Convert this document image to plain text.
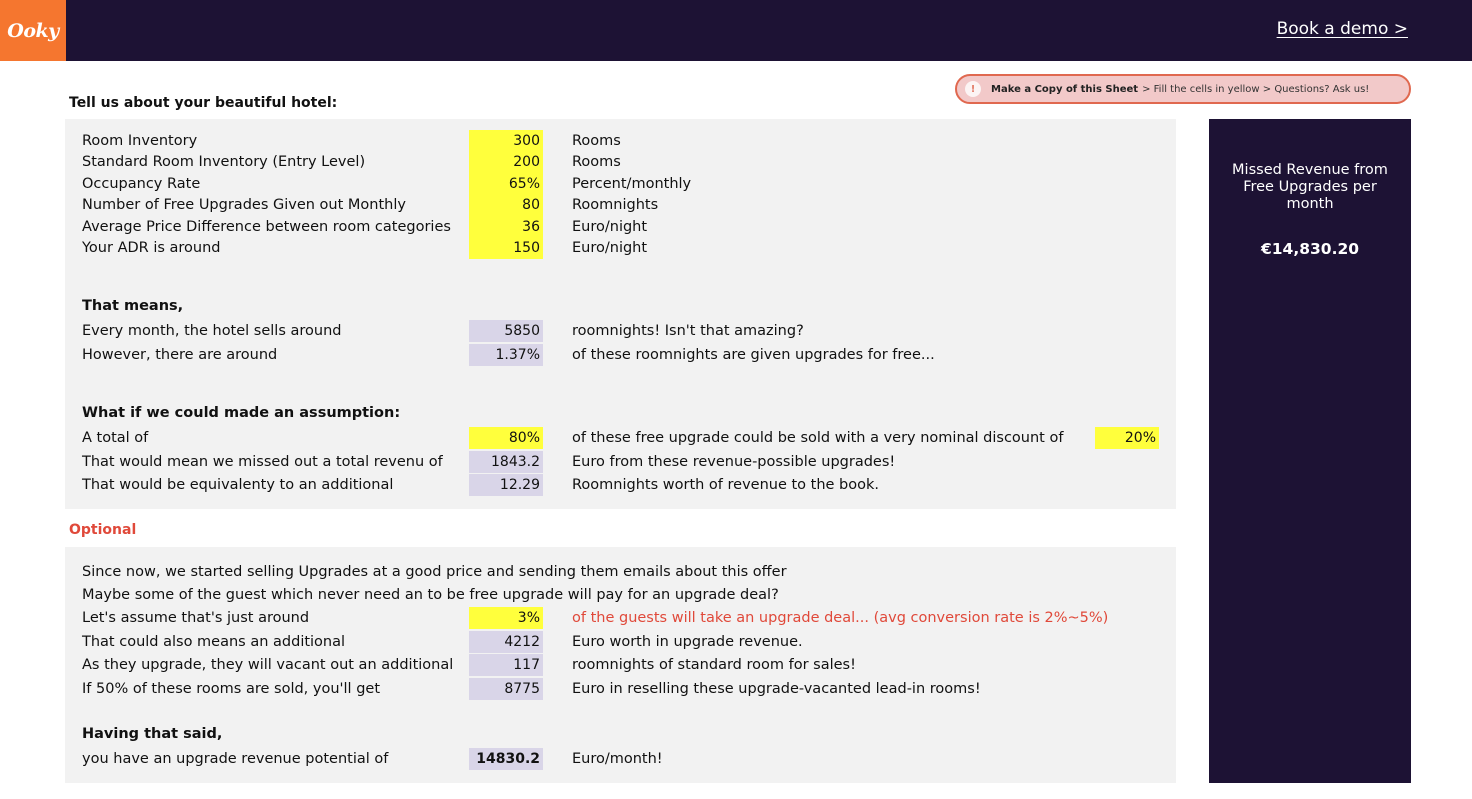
Ooky	Book a demo >
!	Make a Copy of this Sheet > Fill the cells in yellow > Questions? Ask us!
Tell us about your beautiful hotel:
Room Inventory	300 Rooms
Standard Room Inventory (Entry Level)	200 Rooms
Occupancy Rate	65% Percent/monthly
Number of Free Upgrades Given out Monthly	80 Roomnights
Average Price Difference between room categories	36 Euro/night
Your ADR is around	150 Euro/night
That means,
Every month, the hotel sells around	5850 roomnights! Isn't that amazing?
However, there are around	1.37% of these roomnights are given upgrades for free...
What if we could made an assumption:
A total of	80% of these free upgrade could be sold with a very nominal discount of	20%
That would mean we missed out a total revenu of	1843.2 Euro from these revenue-possible upgrades!
That would be equivalenty to an additional	12.29 Roomnights worth of revenue to the book.
Optional
Since now, we started selling Upgrades at a good price and sending them emails about this offer
Maybe some of the guest which never need an to be free upgrade will pay for an upgrade deal?
Let's assume that's just around	3% of the guests will take an upgrade deal... (avg conversion rate is 2%~5%)
That could also means an additional	4212 Euro worth in upgrade revenue.
As they upgrade, they will vacant out an additional	117 roomnights of standard room for sales!
If 50% of these rooms are sold, you'll get	8775 Euro in reselling these upgrade-vacanted lead-in rooms!
Having that said,
you have an upgrade revenue potential of	14830.2 Euro/month!
Missed Revenue from Free Upgrades per month
€14,830.20
